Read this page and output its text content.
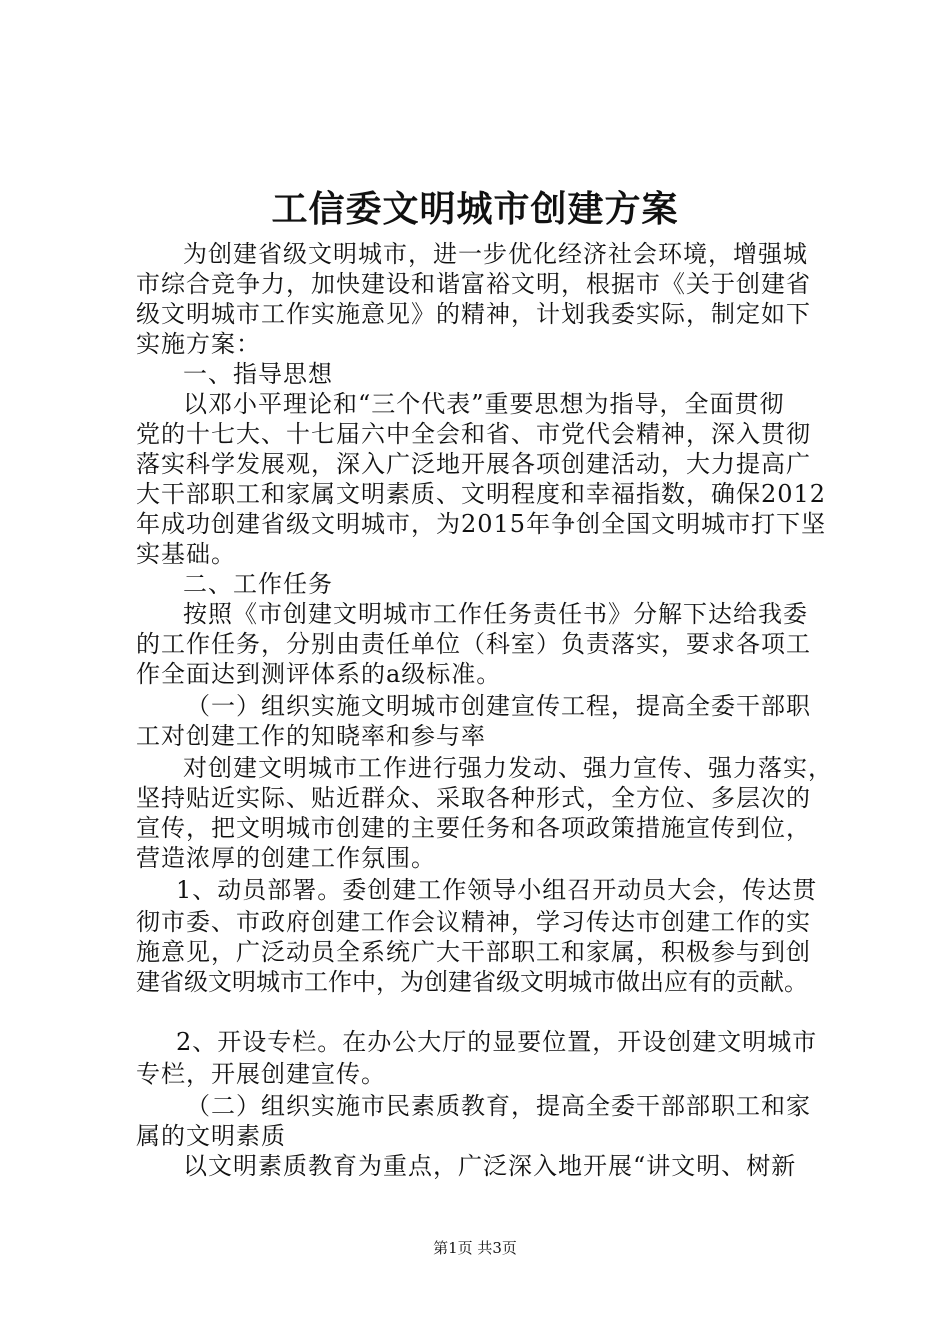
工信委文明城市创建方案
为创建省级文明城市，进一步优化经济社会环境，增强城
市综合竞争力，加快建设和谐富裕文明，根据市《关于创建省
级文明城市工作实施意见》的精神，计划我委实际，制定如下
实施方案：
一、指导思想
以邓小平理论和“三个代表”重要思想为指导，全面贯彻
党的十七大、十七届六中全会和省、市党代会精神，深入贯彻
落实科学发展观，深入广泛地开展各项创建活动，大力提高广
大干部职工和家属文明素质、文明程度和幸福指数，确保2012
年成功创建省级文明城市，为2015年争创全国文明城市打下坚
实基础。
二、工作任务
按照《市创建文明城市工作任务责任书》分解下达给我委
的工作任务，分别由责任单位（科室）负责落实，要求各项工
作全面达到测评体系的a级标准。
（一）组织实施文明城市创建宣传工程，提高全委干部职
工对创建工作的知晓率和参与率
对创建文明城市工作进行强力发动、强力宣传、强力落实，
坚持贴近实际、贴近群众、采取各种形式，全方位、多层次的
宣传，把文明城市创建的主要任务和各项政策措施宣传到位，
营造浓厚的创建工作氛围。
1、动员部署。委创建工作领导小组召开动员大会，传达贯
彻市委、市政府创建工作会议精神，学习传达市创建工作的实
施意见，广泛动员全系统广大干部职工和家属，积极参与到创
建省级文明城市工作中，为创建省级文明城市做出应有的贡献。
2、开设专栏。在办公大厅的显要位置，开设创建文明城市
专栏，开展创建宣传。
（二）组织实施市民素质教育，提高全委干部部职工和家
属的文明素质
以文明素质教育为重点，广泛深入地开展“讲文明、树新
第1页 共3页
